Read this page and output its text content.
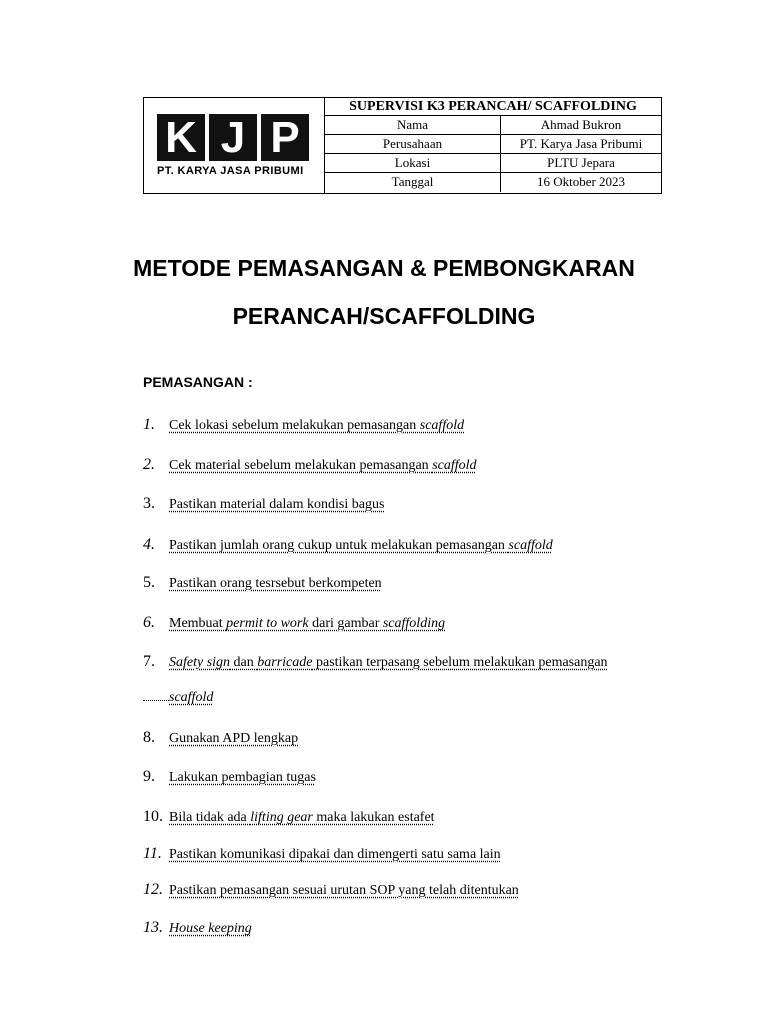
K J P
PT. KARYA JASA PRIBUMI
SUPERVISI K3 PERANCAH/ SCAFFOLDING
Nama	Ahmad Bukron
Perusahaan	PT. Karya Jasa Pribumi
Lokasi	PLTU Jepara
Tanggal	16 Oktober 2023
METODE PEMASANGAN & PEMBONGKARAN
PERANCAH/SCAFFOLDING
PEMASANGAN :
1. Cek lokasi sebelum melakukan pemasangan scaffold
2. Cek material sebelum melakukan pemasangan scaffold
3. Pastikan material dalam kondisi bagus
4. Pastikan jumlah orang cukup untuk melakukan pemasangan scaffold
5. Pastikan orang tesrsebut berkompeten
6. Membuat permit to work dari gambar scaffolding
7. Safety sign dan barricade pastikan terpasang sebelum melakukan pemasangan
scaffold
8. Gunakan APD lengkap
9. Lakukan pembagian tugas
10. Bila tidak ada lifting gear maka lakukan estafet
11. Pastikan komunikasi dipakai dan dimengerti satu sama lain
12. Pastikan pemasangan sesuai urutan SOP yang telah ditentukan
13. House keeping
